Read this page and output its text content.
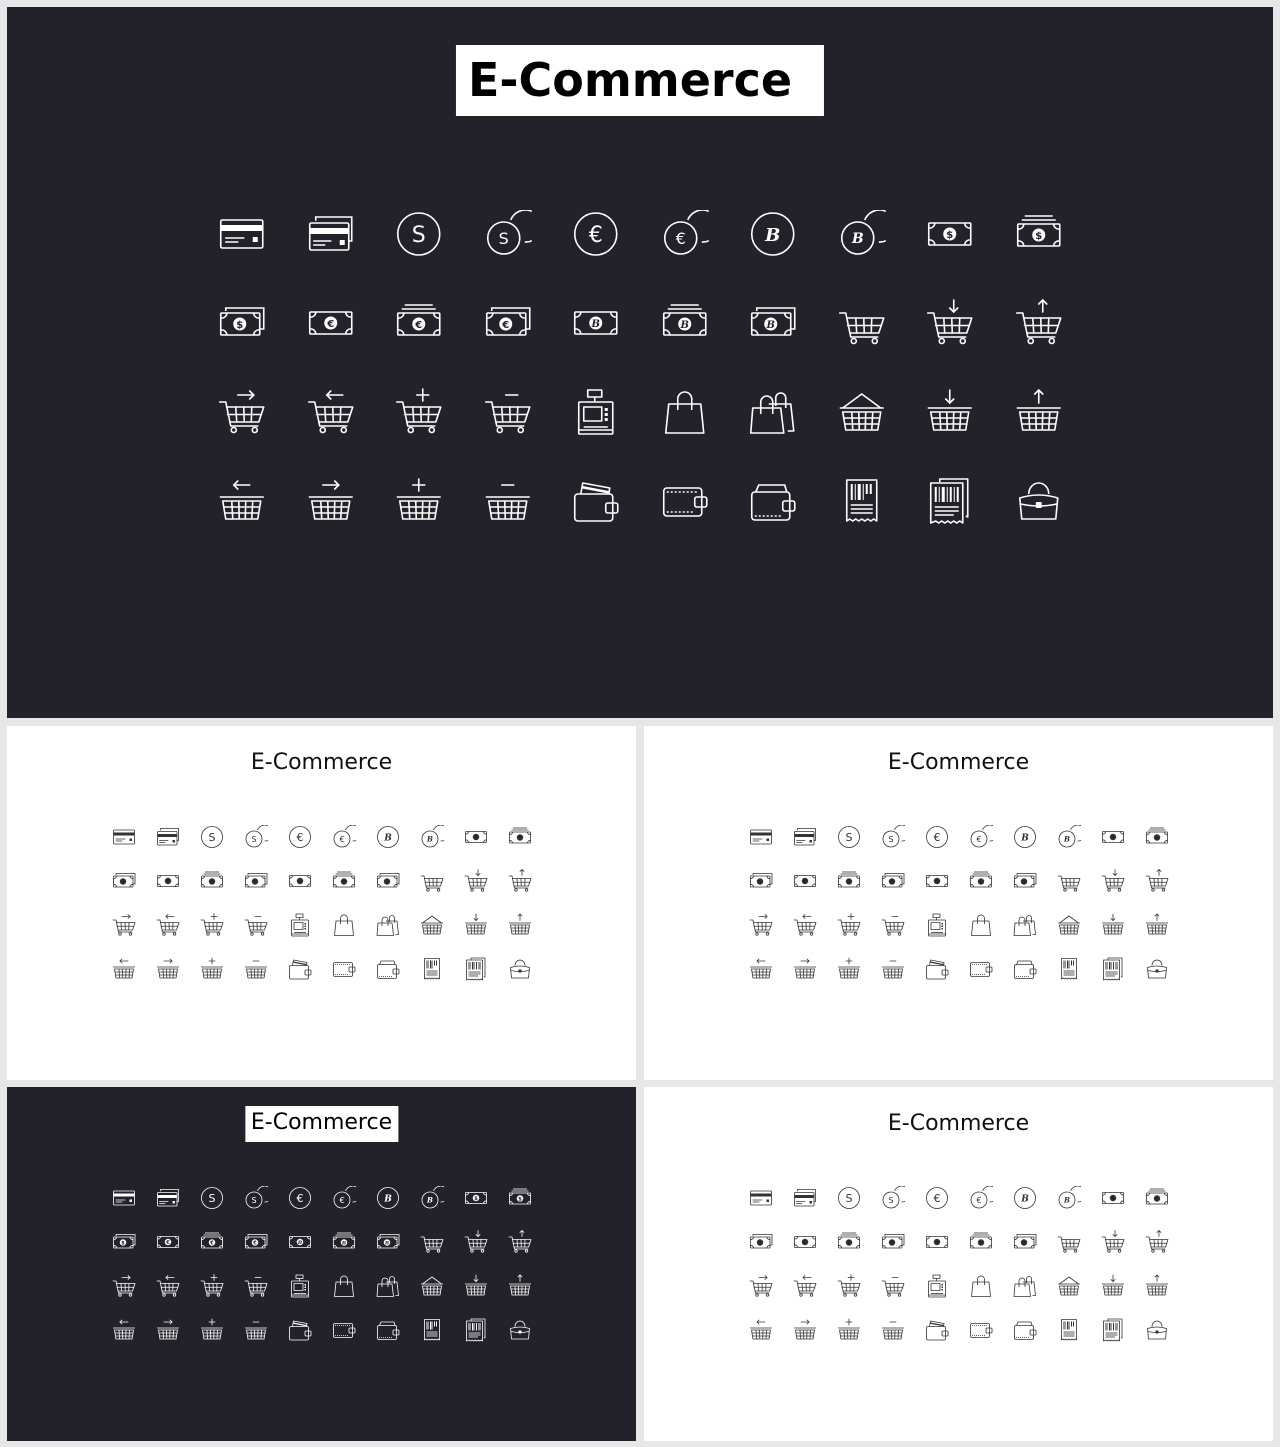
E-Commerce
E-Commerce	E-Commerce
E-Commerce	E-Commerce
